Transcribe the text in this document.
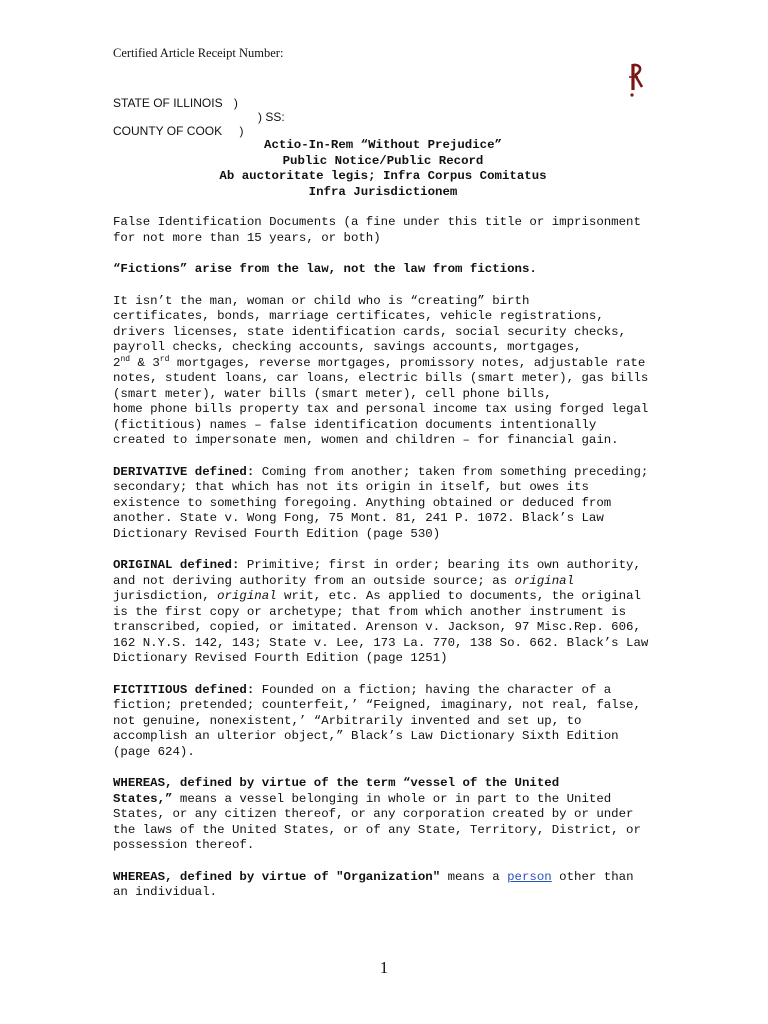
Certified Article Receipt Number:
STATE OF ILLINOIS )
) SS:
COUNTY OF COOK )
Actio-In-Rem “Without Prejudice”
Public Notice/Public Record
Ab auctoritate legis; Infra Corpus Comitatus
Infra Jurisdictionem

False Identification Documents (a fine under this title or imprisonment
for not more than 15 years, or both)

“Fictions” arise from the law, not the law from fictions.

It isn’t the man, woman or child who is “creating” birth
certificates, bonds, marriage certificates, vehicle registrations,
drivers licenses, state identification cards, social security checks,
payroll checks, checking accounts, savings accounts, mortgages,
2nd & 3rd mortgages, reverse mortgages, promissory notes, adjustable rate
notes, student loans, car loans, electric bills (smart meter), gas bills
(smart meter), water bills (smart meter), cell phone bills,
home phone bills property tax and personal income tax using forged legal
(fictitious) names – false identification documents intentionally
created to impersonate men, women and children – for financial gain.

DERIVATIVE defined: Coming from another; taken from something preceding;
secondary; that which has not its origin in itself, but owes its
existence to something foregoing. Anything obtained or deduced from
another. State v. Wong Fong, 75 Mont. 81, 241 P. 1072. Black’s Law
Dictionary Revised Fourth Edition (page 530)

ORIGINAL defined: Primitive; first in order; bearing its own authority,
and not deriving authority from an outside source; as original
jurisdiction, original writ, etc. As applied to documents, the original
is the first copy or archetype; that from which another instrument is
transcribed, copied, or imitated. Arenson v. Jackson, 97 Misc.Rep. 606,
162 N.Y.S. 142, 143; State v. Lee, 173 La. 770, 138 So. 662. Black’s Law
Dictionary Revised Fourth Edition (page 1251)

FICTITIOUS defined: Founded on a fiction; having the character of a
fiction; pretended; counterfeit,’ “Feigned, imaginary, not real, false,
not genuine, nonexistent,’ “Arbitrarily invented and set up, to
accomplish an ulterior object,” Black’s Law Dictionary Sixth Edition
(page 624).

WHEREAS, defined by virtue of the term “vessel of the United
States,” means a vessel belonging in whole or in part to the United
States, or any citizen thereof, or any corporation created by or under
the laws of the United States, or of any State, Territory, District, or
possession thereof.

WHEREAS, defined by virtue of "Organization" means a person other than
an individual.

1
